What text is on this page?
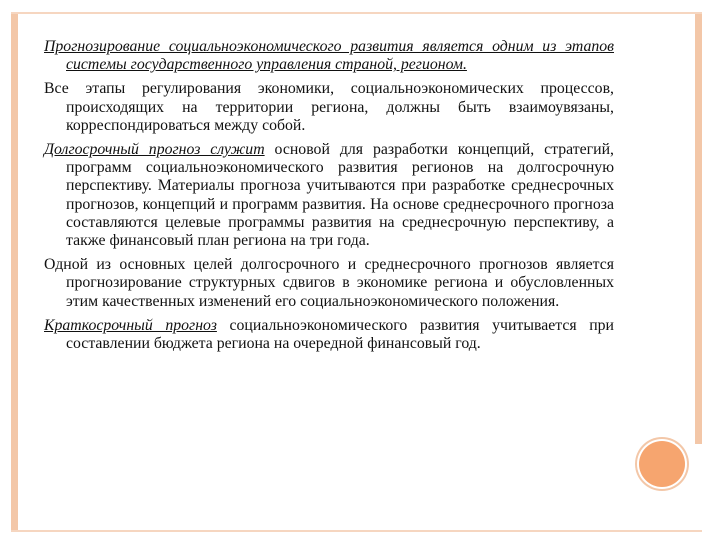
Прогнозирование социальноэкономического развития является одним из этапов системы государственного управления страной, регионом.

Все этапы регулирования экономики, социальноэкономических процессов, происходящих на территории региона, должны быть взаимоувязаны, корреспондироваться между собой.

Долгосрочный прогноз служит основой для разработки концепций, стратегий, программ социальноэкономического развития регионов на долгосрочную перспективу. Материалы прогноза учитываются при разработке среднесрочных прогнозов, концепций и программ развития. На основе среднесрочного прогноза составляются целевые программы развития на среднесрочную перспективу, а также финансовый план региона на три года.

Одной из основных целей долгосрочного и среднесрочного прогнозов является прогнозирование структурных сдвигов в экономике региона и обусловленных этим качественных изменений его социальноэкономического положения.

Краткосрочный прогноз социальноэкономического развития учитывается при составлении бюджета региона на очередной финансовый год.
